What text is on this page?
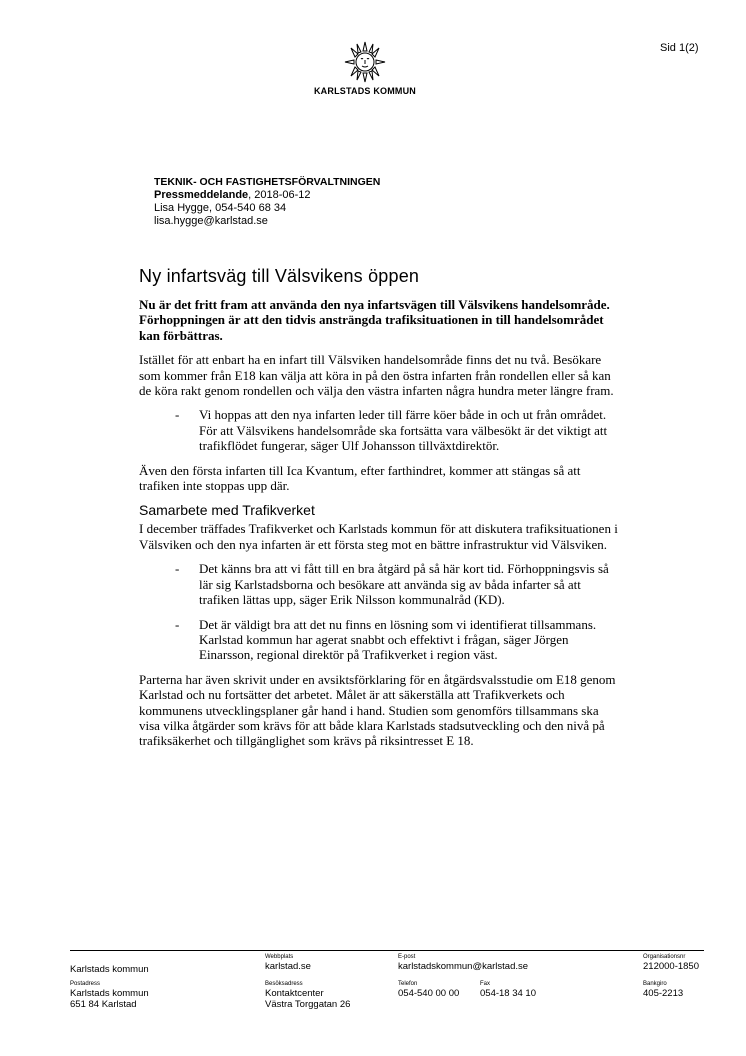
Sid 1(2)
KARLSTADS KOMMUN
TEKNIK- OCH FASTIGHETSFÖRVALTNINGEN
Pressmeddelande, 2018-06-12
Lisa Hygge, 054-540 68 34
lisa.hygge@karlstad.se
Ny infartsväg till Välsvikens öppen

Nu är det fritt fram att använda den nya infartsvägen till Välsvikens handelsområde. Förhoppningen är att den tidvis ansträngda trafiksituationen in till handelsområdet kan förbättras.

Istället för att enbart ha en infart till Välsviken handelsområde finns det nu två. Besökare som kommer från E18 kan välja att köra in på den östra infarten från rondellen eller så kan de köra rakt genom rondellen och välja den västra infarten några hundra meter längre fram.

-	Vi hoppas att den nya infarten leder till färre köer både in och ut från området. För att Välsvikens handelsområde ska fortsätta vara välbesökt är det viktigt att trafikflödet fungerar, säger Ulf Johansson tillväxtdirektör.

Även den första infarten till Ica Kvantum, efter farthindret, kommer att stängas så att trafiken inte stoppas upp där.

Samarbete med Trafikverket

I december träffades Trafikverket och Karlstads kommun för att diskutera trafiksituationen i Välsviken och den nya infarten är ett första steg mot en bättre infrastruktur vid Välsviken.

-	Det känns bra att vi fått till en bra åtgärd på så här kort tid. Förhoppningsvis så lär sig Karlstadsborna och besökare att använda sig av båda infarter så att trafiken lättas upp, säger Erik Nilsson kommunalråd (KD).

-	Det är väldigt bra att det nu finns en lösning som vi identifierat tillsammans. Karlstad kommun har agerat snabbt och effektivt i frågan, säger Jörgen Einarsson, regional direktör på Trafikverket i region väst.

Parterna har även skrivit under en avsiktsförklaring för en åtgärdsvalsstudie om E18 genom Karlstad och nu fortsätter det arbetet. Målet är att säkerställa att Trafikverkets och kommunens utvecklingsplaner går hand i hand. Studien som genomförs tillsammans ska visa vilka åtgärder som krävs för att både klara Karlstads stadsutveckling och den nivå på trafiksäkerhet och tillgänglighet som krävs på riksintresset E 18.

Karlstads kommun
Webbplats
karlstad.se
E-post
karlstadskommun@karlstad.se
Organisationsnr
212000-1850
Postadress
Karlstads kommun
651 84 Karlstad
Besöksadress
Kontaktcenter
Västra Torggatan 26
Telefon
054-540 00 00
Fax
054-18 34 10
Bankgiro
405-2213
